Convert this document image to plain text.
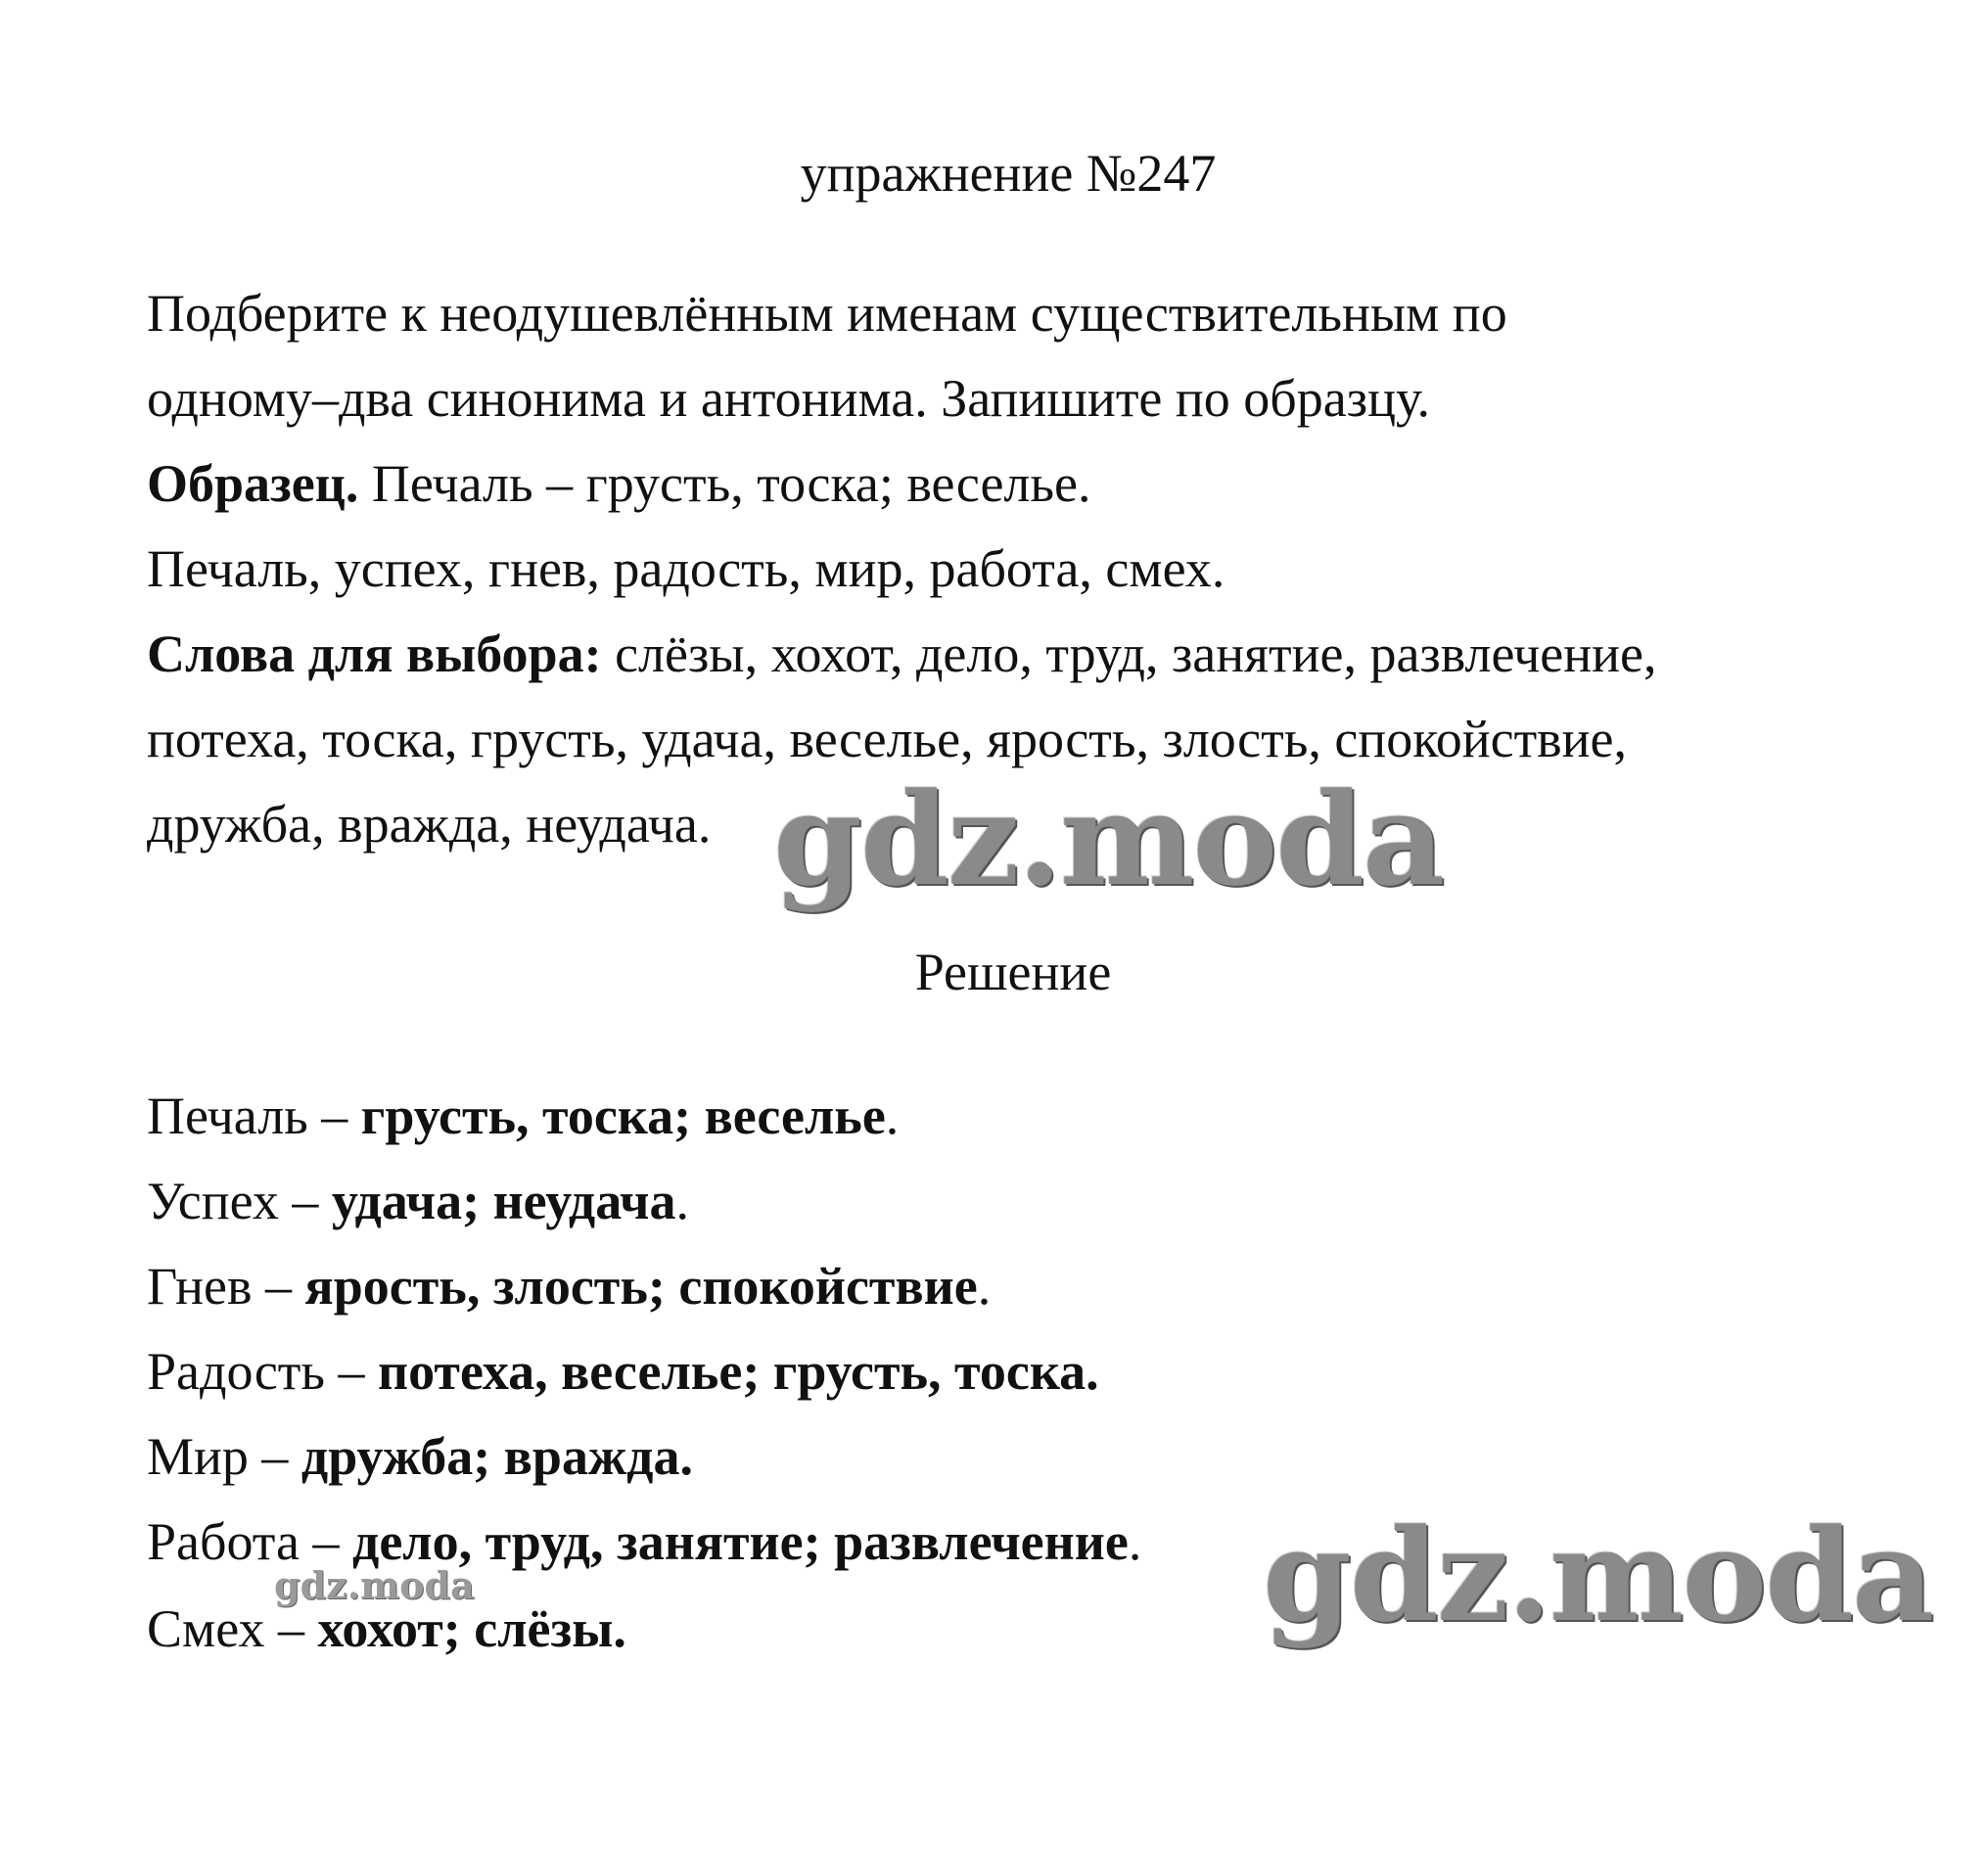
упражнение №247
Подберите к неодушевлённым именам существительным по
одному–два синонима и антонима. Запишите по образцу.
Образец. Печаль – грусть, тоска; веселье.
Печаль, успех, гнев, радость, мир, работа, смех.
Слова для выбора: слёзы, хохот, дело, труд, занятие, развлечение,
потеха, тоска, грусть, удача, веселье, ярость, злость, спокойствие,
дружба, вражда, неудача.
Решение
Печаль – грусть, тоска; веселье.
Успех – удача; неудача.
Гнев – ярость, злость; спокойствие.
Радость – потеха, веселье; грусть, тоска.
Мир – дружба; вражда.
Работа – дело, труд, занятие; развлечение.
Смех – хохот; слёзы.
gdz.moda
gdz.moda
gdz.moda
